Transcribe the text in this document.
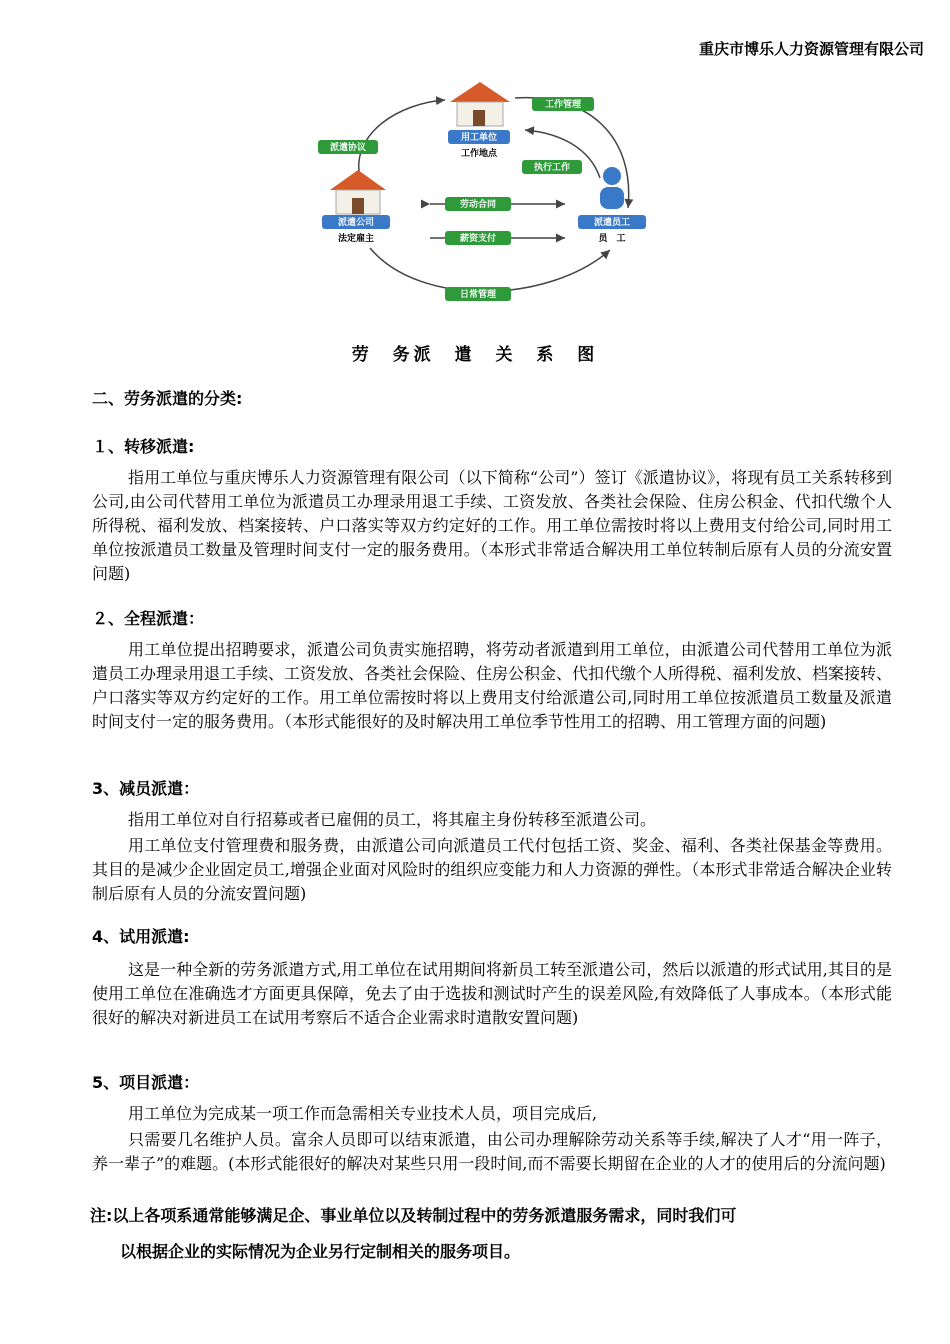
重庆市博乐人力资源管理有限公司
用工单位
工作地点
派遣公司
法定雇主
派遣员工
员　工
派遣协议
工作管理
执行工作
劳动合同
薪资支付
日常管理
劳 务派 遣 关 系 图
二、劳务派遣的分类:
１、转移派遣:
指用工单位与重庆博乐人力资源管理有限公司（以下简称“公司”）签订《派遣协议》，将现有员工关系转移到公司,由公司代替用工单位为派遣员工办理录用退工手续、工资发放、各类社会保险、住房公积金、代扣代缴个人所得税、福利发放、档案接转、户口落实等双方约定好的工作。用工单位需按时将以上费用支付给公司,同时用工单位按派遣员工数量及管理时间支付一定的服务费用。（本形式非常适合解决用工单位转制后原有人员的分流安置问题)
２、全程派遣：
用工单位提出招聘要求，派遣公司负责实施招聘，将劳动者派遣到用工单位，由派遣公司代替用工单位为派遣员工办理录用退工手续、工资发放、各类社会保险、住房公积金、代扣代缴个人所得税、福利发放、档案接转、户口落实等双方约定好的工作。用工单位需按时将以上费用支付给派遣公司,同时用工单位按派遣员工数量及派遣时间支付一定的服务费用。（本形式能很好的及时解决用工单位季节性用工的招聘、用工管理方面的问题)
3、减员派遣：
指用工单位对自行招募或者已雇佣的员工，将其雇主身份转移至派遣公司。
用工单位支付管理费和服务费，由派遣公司向派遣员工代付包括工资、奖金、福利、各类社保基金等费用。其目的是减少企业固定员工,增强企业面对风险时的组织应变能力和人力资源的弹性。（本形式非常适合解决企业转制后原有人员的分流安置问题)
4、试用派遣:
这是一种全新的劳务派遣方式,用工单位在试用期间将新员工转至派遣公司，然后以派遣的形式试用,其目的是使用工单位在准确选才方面更具保障，免去了由于选拔和测试时产生的误差风险,有效降低了人事成本。（本形式能很好的解决对新进员工在试用考察后不适合企业需求时遣散安置问题)
5、项目派遣：
用工单位为完成某一项工作而急需相关专业技术人员，项目完成后,
只需要几名维护人员。富余人员即可以结束派遣，由公司办理解除劳动关系等手续,解决了人才“用一阵子，养一辈子”的难题。(本形式能很好的解决对某些只用一段时间,而不需要长期留在企业的人才的使用后的分流问题)
注:以上各项系通常能够满足企、事业单位以及转制过程中的劳务派遣服务需求，同时我们可
以根据企业的实际情况为企业另行定制相关的服务项目。
